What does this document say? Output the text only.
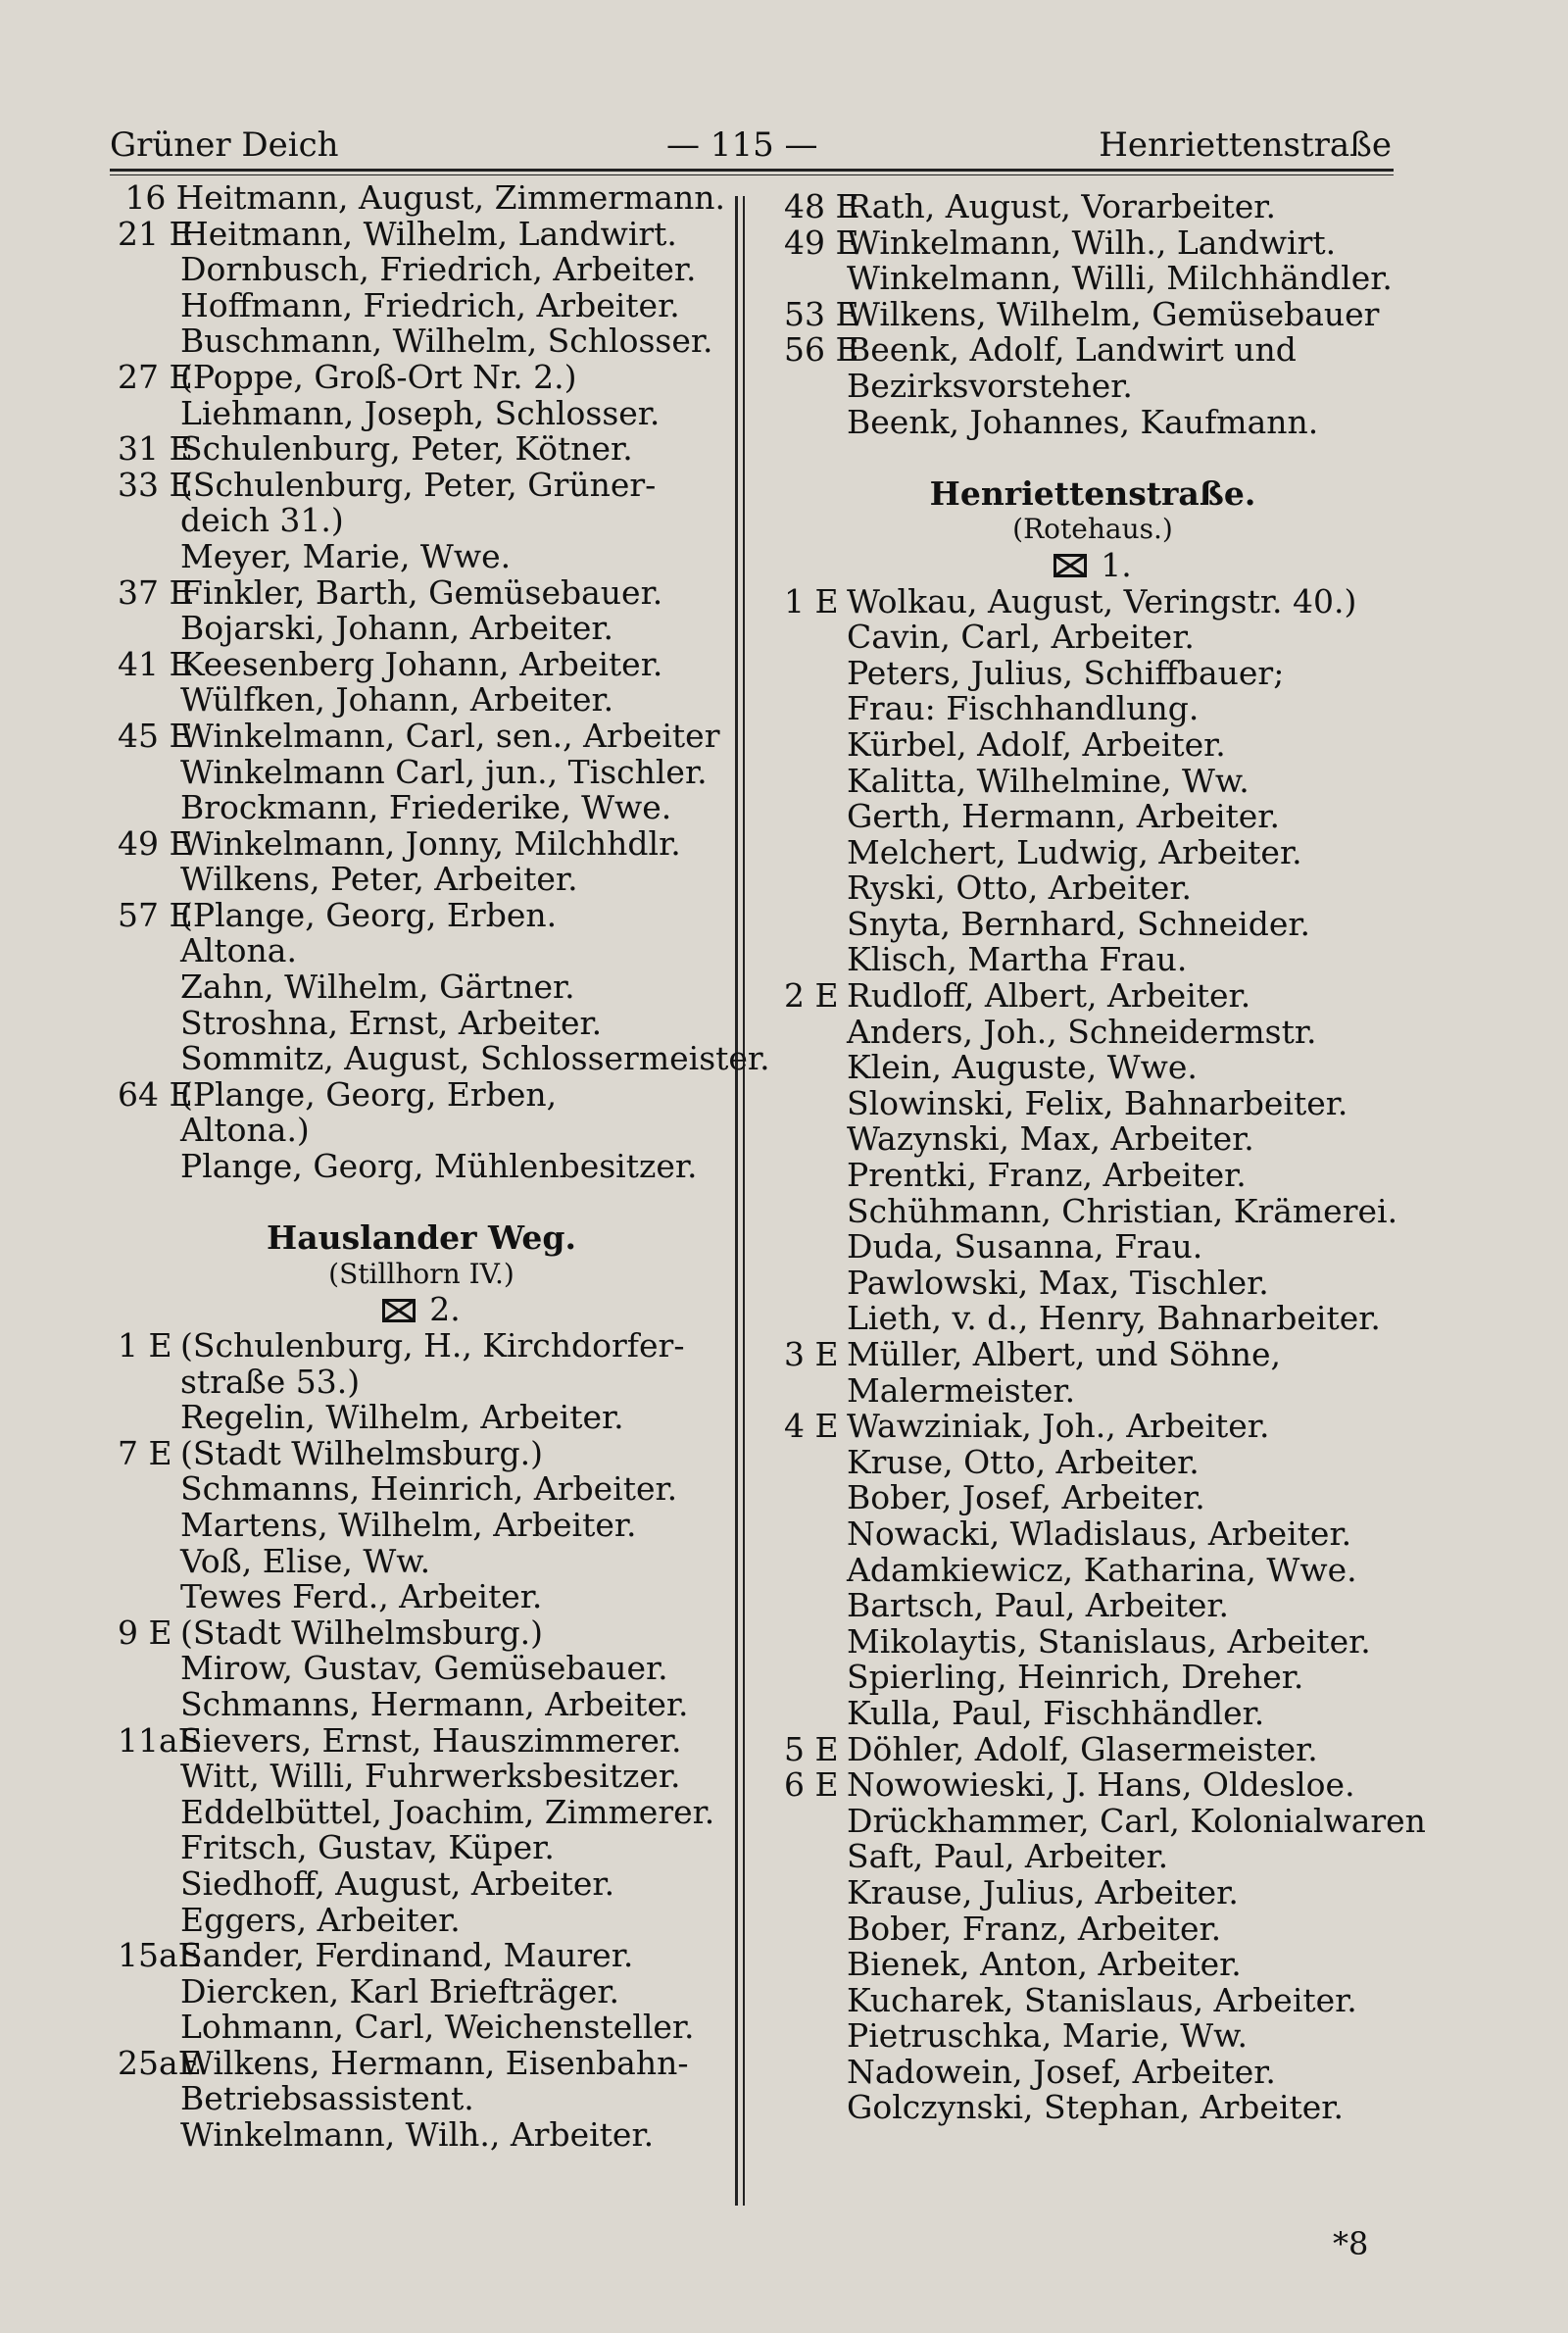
Grüner Deich	— 115 —	Henriettenstraße
16 Heitmann, August, Zimmermann.
21 E
Heitmann, Wilhelm, Landwirt.
Dornbusch, Friedrich, Arbeiter.
Hoffmann, Friedrich, Arbeiter.
Buschmann, Wilhelm, Schlosser.
27 E
(Poppe, Groß-Ort Nr. 2.)
Liehmann, Joseph, Schlosser.
31 E
Schulenburg, Peter, Kötner.
33 E
(Schulenburg, Peter, Grüner-
deich 31.)
Meyer, Marie, Wwe.
37 E
Finkler, Barth, Gemüsebauer.
Bojarski, Johann, Arbeiter.
41 E
Keesenberg Johann, Arbeiter.
Wülfken, Johann, Arbeiter.
45 E
Winkelmann, Carl, sen., Arbeiter
Winkelmann Carl, jun., Tischler.
Brockmann, Friederike, Wwe.
49 E
Winkelmann, Jonny, Milchhdlr.
Wilkens, Peter, Arbeiter.
57 E
(Plange, Georg, Erben.
Altona.
Zahn, Wilhelm, Gärtner.
Stroshna, Ernst, Arbeiter.
Sommitz, August, Schlossermeister.
64 E
(Plange, Georg, Erben,
Altona.)
Plange, Georg, Mühlenbesitzer.
Hauslander Weg.
(Stillhorn IV.)
2.
1 E (Schulenburg, H., Kirchdorfer-
straße 53.)
Regelin, Wilhelm, Arbeiter.
7 E (Stadt Wilhelmsburg.)
Schmanns, Heinrich, Arbeiter.
Martens, Wilhelm, Arbeiter.
Voß, Elise, Ww.
Tewes Ferd., Arbeiter.
9 E (Stadt Wilhelmsburg.)
Mirow, Gustav, Gemüsebauer.
Schmanns, Hermann, Arbeiter.
11aE
Sievers, Ernst, Hauszimmerer.
Witt, Willi, Fuhrwerksbesitzer.
Eddelbüttel, Joachim, Zimmerer.
Fritsch, Gustav, Küper.
Siedhoff, August, Arbeiter.
Eggers, Arbeiter.
15aE
Sander, Ferdinand, Maurer.
Diercken, Karl Briefträger.
Lohmann, Carl, Weichensteller.
25aE
Wilkens, Hermann, Eisenbahn-
Betriebsassistent.
Winkelmann, Wilh., Arbeiter.
48 E
Rath, August, Vorarbeiter.
49 E
Winkelmann, Wilh., Landwirt.
Winkelmann, Willi, Milchhändler.
53 E
Wilkens, Wilhelm, Gemüsebauer
56 E
Beenk, Adolf, Landwirt und
Bezirksvorsteher.
Beenk, Johannes, Kaufmann.
Henriettenstraße.
(Rotehaus.)
1.
1 E Wolkau, August, Veringstr. 40.)
Cavin, Carl, Arbeiter.
Peters, Julius, Schiffbauer;
Frau: Fischhandlung.
Kürbel, Adolf, Arbeiter.
Kalitta, Wilhelmine, Ww.
Gerth, Hermann, Arbeiter.
Melchert, Ludwig, Arbeiter.
Ryski, Otto, Arbeiter.
Snyta, Bernhard, Schneider.
Klisch, Martha Frau.
2 E Rudloff, Albert, Arbeiter.
Anders, Joh., Schneidermstr.
Klein, Auguste, Wwe.
Slowinski, Felix, Bahnarbeiter.
Wazynski, Max, Arbeiter.
Prentki, Franz, Arbeiter.
Schühmann, Christian, Krämerei.
Duda, Susanna, Frau.
Pawlowski, Max, Tischler.
Lieth, v. d., Henry, Bahnarbeiter.
3 E Müller, Albert, und Söhne,
Malermeister.
4 E Wawziniak, Joh., Arbeiter.
Kruse, Otto, Arbeiter.
Bober, Josef, Arbeiter.
Nowacki, Wladislaus, Arbeiter.
Adamkiewicz, Katharina, Wwe.
Bartsch, Paul, Arbeiter.
Mikolaytis, Stanislaus, Arbeiter.
Spierling, Heinrich, Dreher.
Kulla, Paul, Fischhändler.
5 E Döhler, Adolf, Glasermeister.
6 E Nowowieski, J. Hans, Oldesloe.
Drückhammer, Carl, Kolonialwaren
Saft, Paul, Arbeiter.
Krause, Julius, Arbeiter.
Bober, Franz, Arbeiter.
Bienek, Anton, Arbeiter.
Kucharek, Stanislaus, Arbeiter.
Pietruschka, Marie, Ww.
Nadowein, Josef, Arbeiter.
Golczynski, Stephan, Arbeiter.
*8
